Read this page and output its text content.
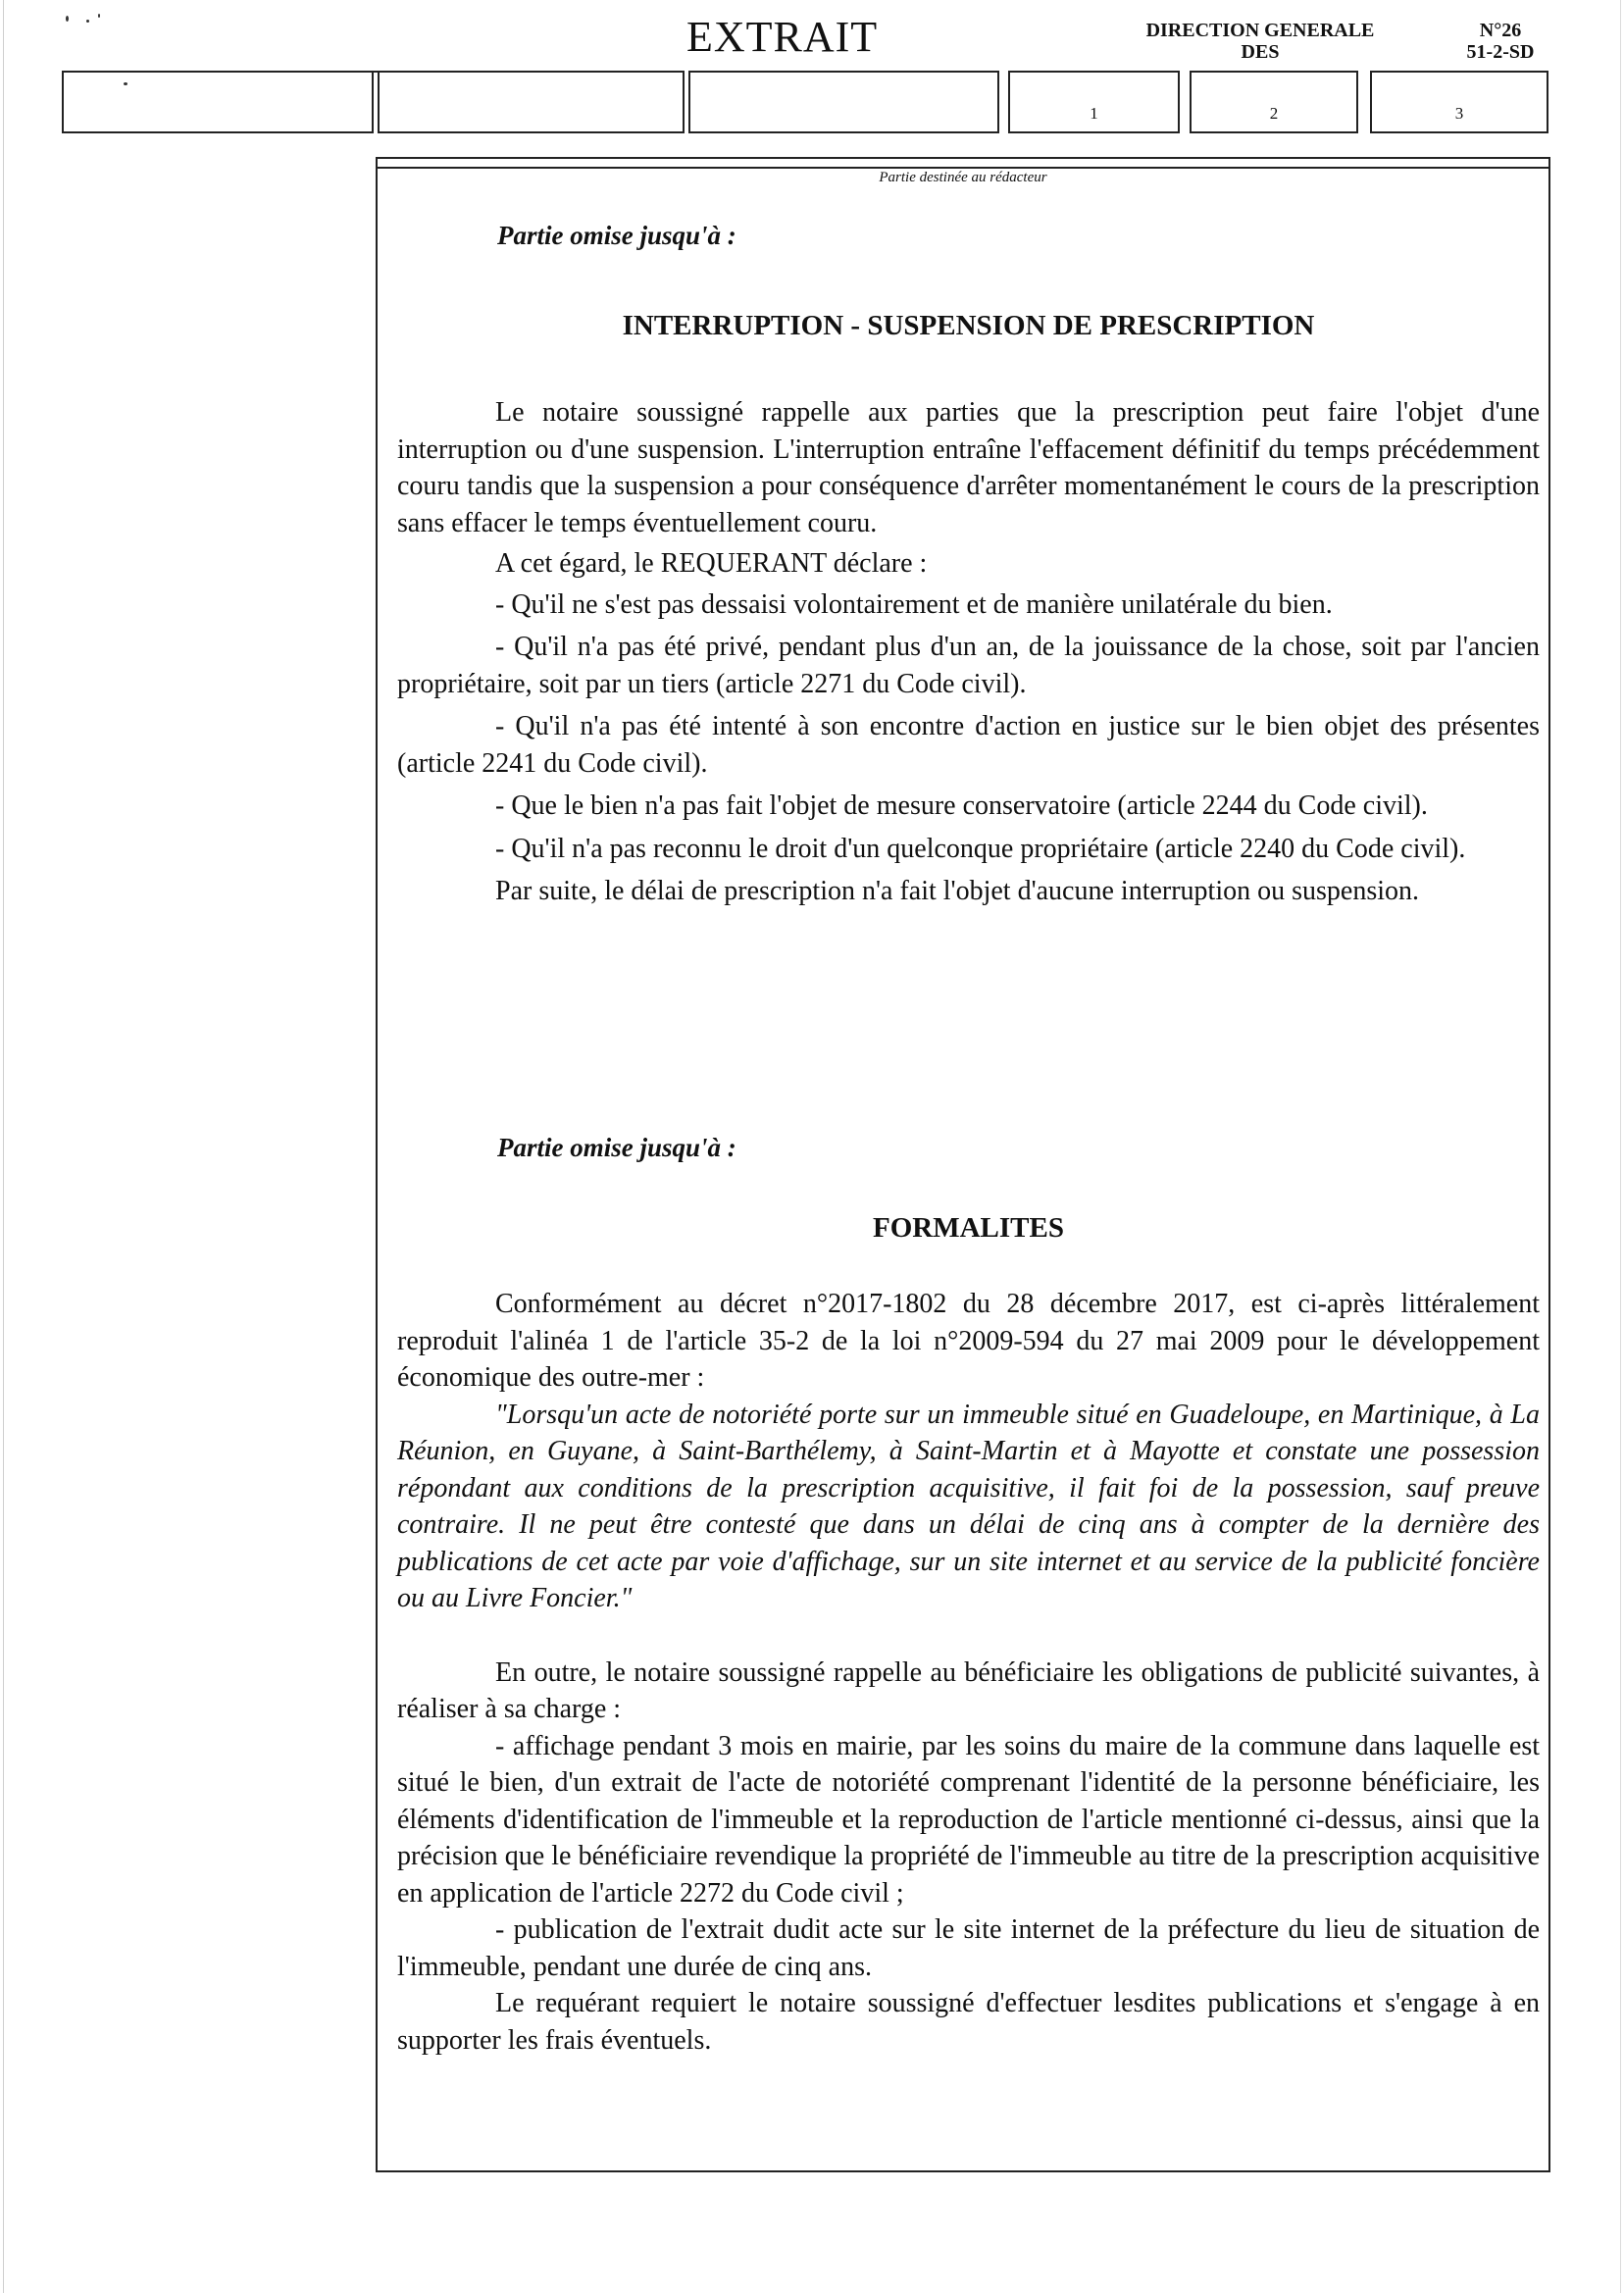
EXTRAIT	DIRECTION GENERALE
DES
N°26
51-2-SD
1	2	3
Partie destinée au rédacteur
Partie omise jusqu'à :
INTERRUPTION - SUSPENSION DE PRESCRIPTION

Le notaire soussigné rappelle aux parties que la prescription peut faire l'objet d'une interruption ou d'une suspension. L'interruption entraîne l'effacement définitif du temps précédemment couru tandis que la suspension a pour conséquence d'arrêter momentanément le cours de la prescription sans effacer le temps éventuellement couru.

A cet égard, le REQUERANT déclare :

- Qu'il ne s'est pas dessaisi volontairement et de manière unilatérale du bien.

- Qu'il n'a pas été privé, pendant plus d'un an, de la jouissance de la chose, soit par l'ancien propriétaire, soit par un tiers (article 2271 du Code civil).

- Qu'il n'a pas été intenté à son encontre d'action en justice sur le bien objet des présentes (article 2241 du Code civil).

- Que le bien n'a pas fait l'objet de mesure conservatoire (article 2244 du Code civil).

- Qu'il n'a pas reconnu le droit d'un quelconque propriétaire (article 2240 du Code civil).

Par suite, le délai de prescription n'a fait l'objet d'aucune interruption ou suspension.

Partie omise jusqu'à :
FORMALITES

Conformément au décret n°2017-1802 du 28 décembre 2017, est ci-après littéralement reproduit l'alinéa 1 de l'article 35-2 de la loi n°2009-594 du 27 mai 2009 pour le développement économique des outre-mer :

"Lorsqu'un acte de notoriété porte sur un immeuble situé en Guadeloupe, en Martinique, à La Réunion, en Guyane, à Saint-Barthélemy, à Saint-Martin et à Mayotte et constate une possession répondant aux conditions de la prescription acquisitive, il fait foi de la possession, sauf preuve contraire. Il ne peut être contesté que dans un délai de cinq ans à compter de la dernière des publications de cet acte par voie d'affichage, sur un site internet et au service de la publicité foncière ou au Livre Foncier."

En outre, le notaire soussigné rappelle au bénéficiaire les obligations de publicité suivantes, à réaliser à sa charge :

- affichage pendant 3 mois en mairie, par les soins du maire de la commune dans laquelle est situé le bien, d'un extrait de l'acte de notoriété comprenant l'identité de la personne bénéficiaire, les éléments d'identification de l'immeuble et la reproduction de l'article mentionné ci-dessus, ainsi que la précision que le bénéficiaire revendique la propriété de l'immeuble au titre de la prescription acquisitive en application de l'article 2272 du Code civil ;

- publication de l'extrait dudit acte sur le site internet de la préfecture du lieu de situation de l'immeuble, pendant une durée de cinq ans.

Le requérant requiert le notaire soussigné d'effectuer lesdites publications et s'engage à en supporter les frais éventuels.
